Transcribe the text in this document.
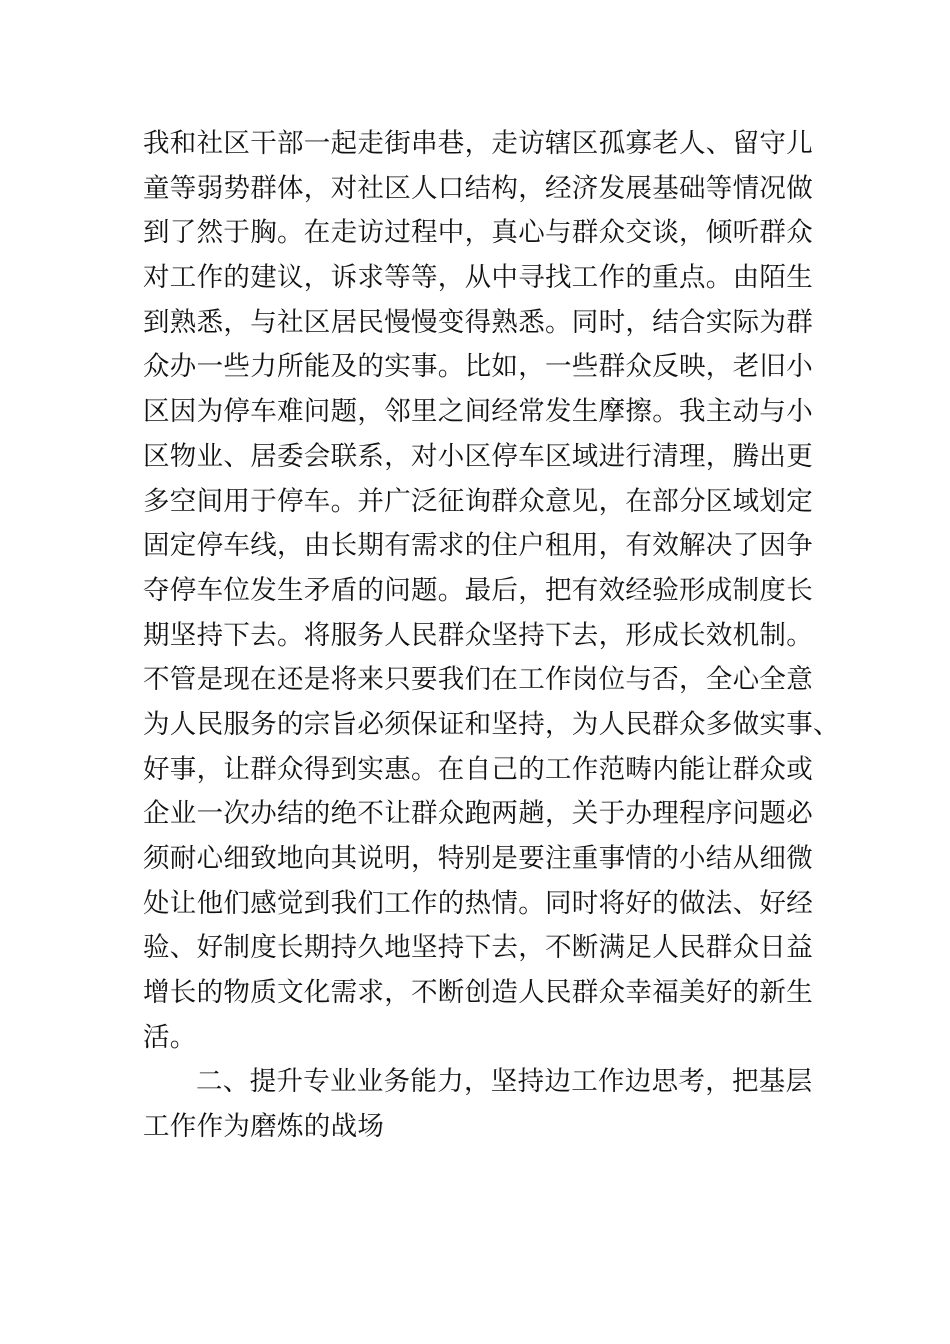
我和社区干部一起走街串巷，走访辖区孤寡老人、留守儿
童等弱势群体，对社区人口结构，经济发展基础等情况做
到了然于胸。在走访过程中，真心与群众交谈，倾听群众
对工作的建议，诉求等等，从中寻找工作的重点。由陌生
到熟悉，与社区居民慢慢变得熟悉。同时，结合实际为群
众办一些力所能及的实事。比如，一些群众反映，老旧小
区因为停车难问题，邻里之间经常发生摩擦。我主动与小
区物业、居委会联系，对小区停车区域进行清理，腾出更
多空间用于停车。并广泛征询群众意见，在部分区域划定
固定停车线，由长期有需求的住户租用，有效解决了因争
夺停车位发生矛盾的问题。最后，把有效经验形成制度长
期坚持下去。将服务人民群众坚持下去，形成长效机制。
不管是现在还是将来只要我们在工作岗位与否，全心全意
为人民服务的宗旨必须保证和坚持，为人民群众多做实事、
好事，让群众得到实惠。在自己的工作范畴内能让群众或
企业一次办结的绝不让群众跑两趟，关于办理程序问题必
须耐心细致地向其说明，特别是要注重事情的小结从细微
处让他们感觉到我们工作的热情。同时将好的做法、好经
验、好制度长期持久地坚持下去，不断满足人民群众日益
增长的物质文化需求，不断创造人民群众幸福美好的新生
活。
二、提升专业业务能力，坚持边工作边思考，把基层
工作作为磨炼的战场
